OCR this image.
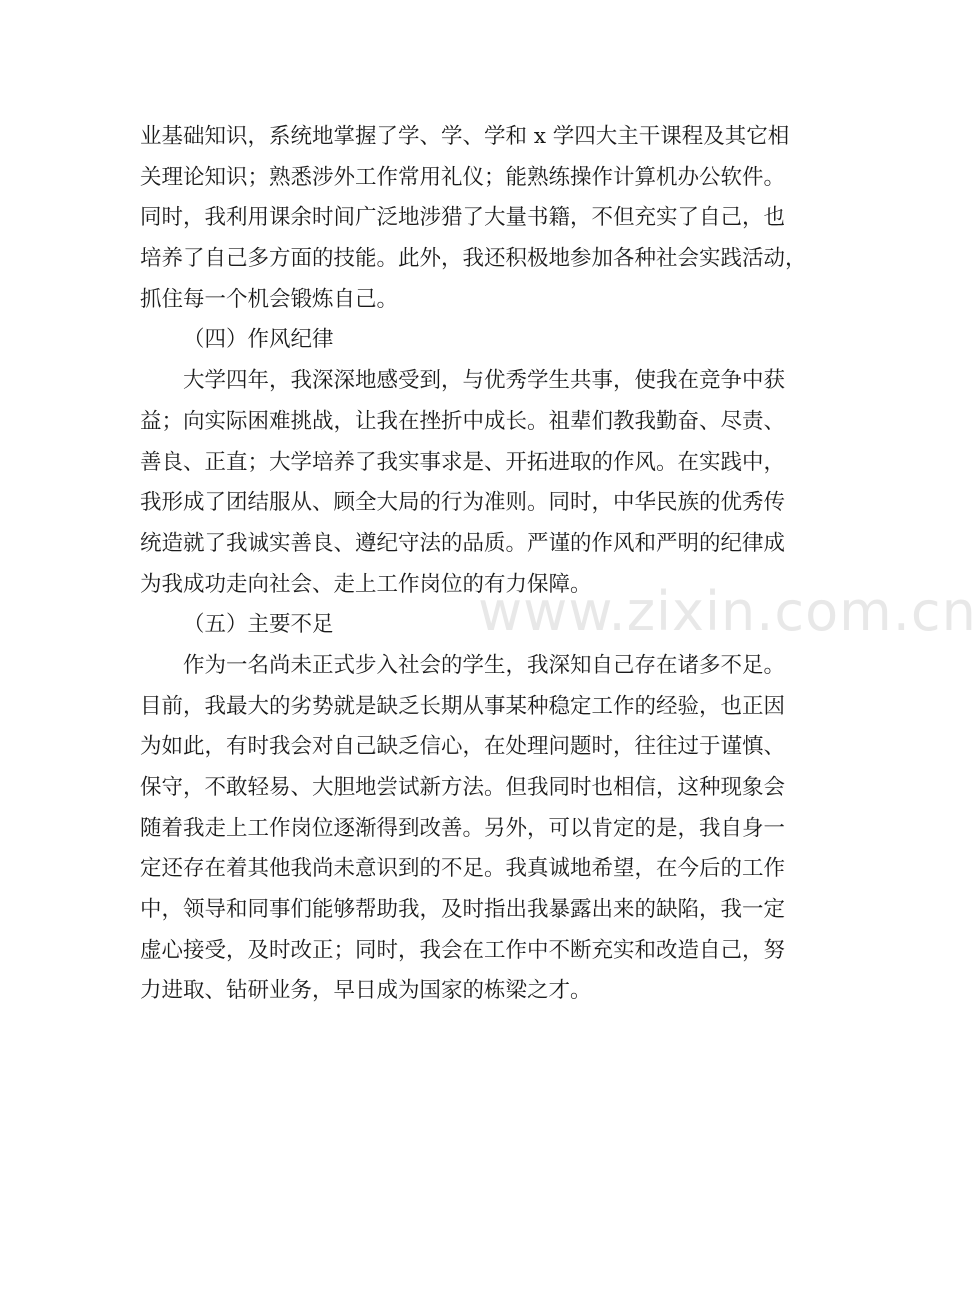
业基础知识，系统地掌握了学、学、学和 x 学四大主干课程及其它相
关理论知识；熟悉涉外工作常用礼仪；能熟练操作计算机办公软件。
同时，我利用课余时间广泛地涉猎了大量书籍，不但充实了自己，也
培养了自己多方面的技能。此外，我还积极地参加各种社会实践活动，
抓住每一个机会锻炼自己。
（四）作风纪律
大学四年，我深深地感受到，与优秀学生共事，使我在竞争中获
益；向实际困难挑战，让我在挫折中成长。祖辈们教我勤奋、尽责、
善良、正直；大学培养了我实事求是、开拓进取的作风。在实践中，
我形成了团结服从、顾全大局的行为准则。同时，中华民族的优秀传
统造就了我诚实善良、遵纪守法的品质。严谨的作风和严明的纪律成
为我成功走向社会、走上工作岗位的有力保障。
（五）主要不足
作为一名尚未正式步入社会的学生，我深知自己存在诸多不足。
目前，我最大的劣势就是缺乏长期从事某种稳定工作的经验，也正因
为如此，有时我会对自己缺乏信心，在处理问题时，往往过于谨慎、
保守，不敢轻易、大胆地尝试新方法。但我同时也相信，这种现象会
随着我走上工作岗位逐渐得到改善。另外，可以肯定的是，我自身一
定还存在着其他我尚未意识到的不足。我真诚地希望，在今后的工作
中，领导和同事们能够帮助我，及时指出我暴露出来的缺陷，我一定
虚心接受，及时改正；同时，我会在工作中不断充实和改造自己，努
力进取、钻研业务，早日成为国家的栋梁之才。
www.zixin.com.cn
